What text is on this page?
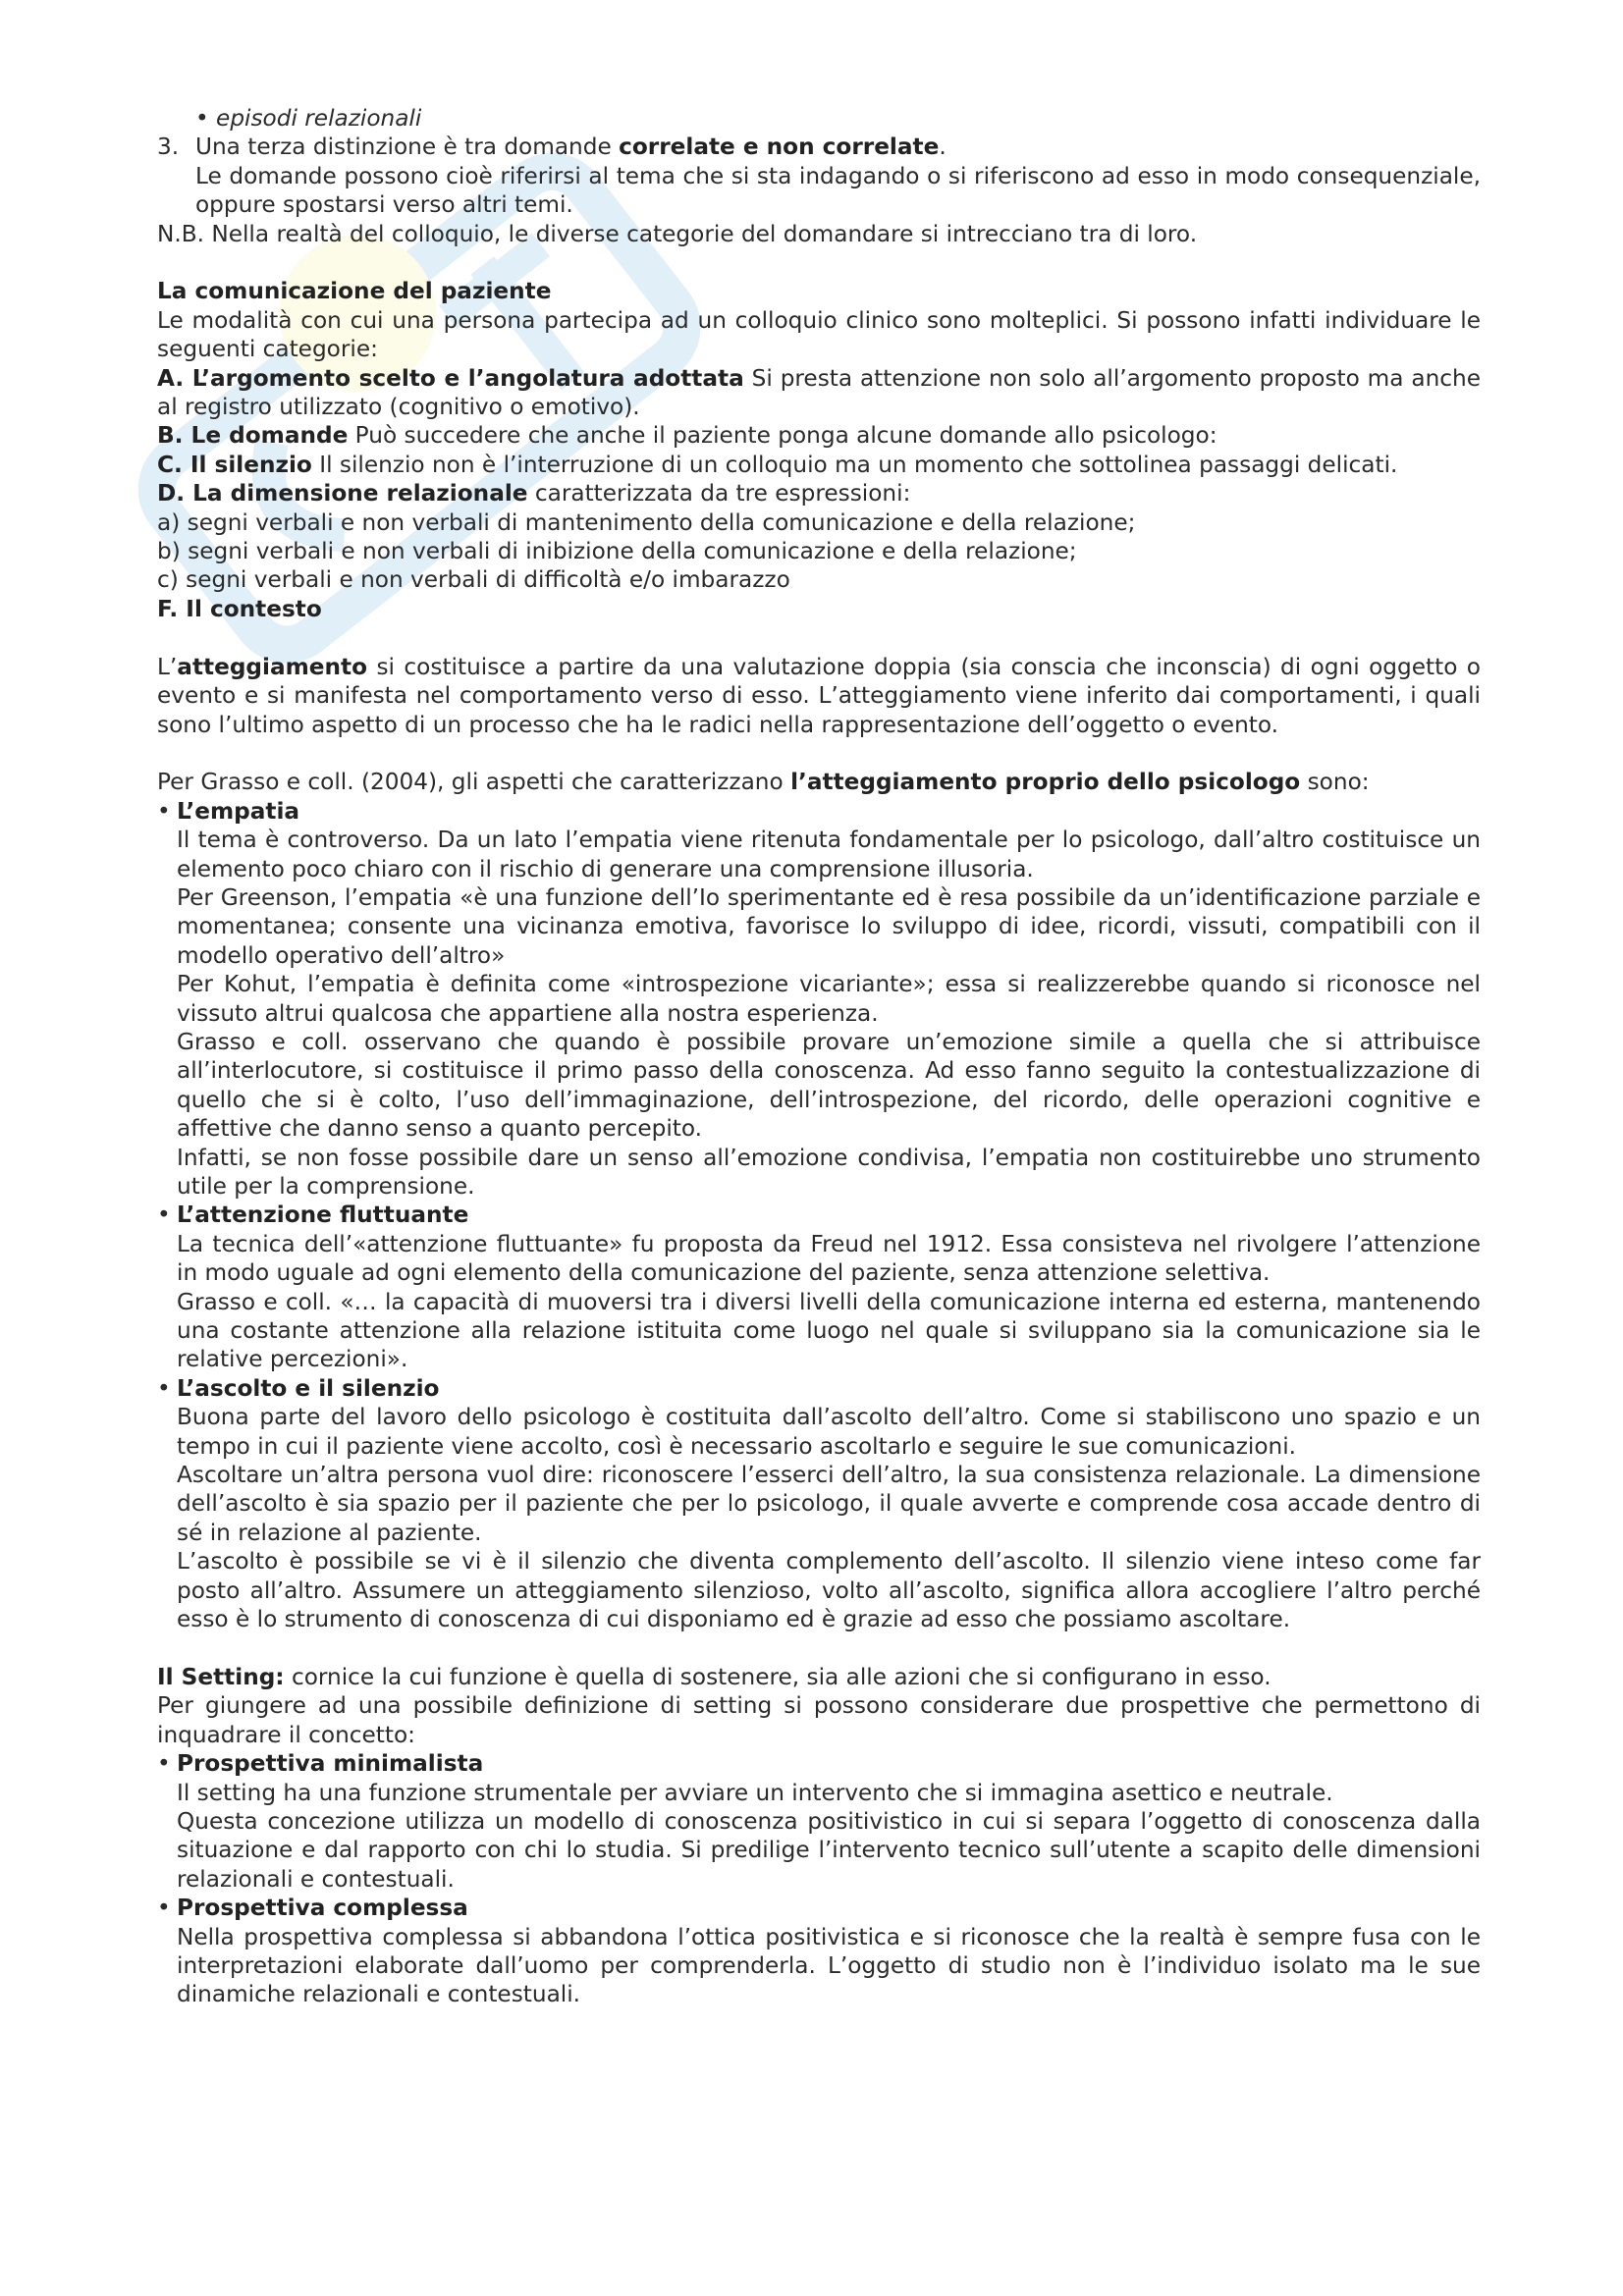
• episodi relazionali

3. Una terza distinzione è tra domande correlate e non correlate.

Le domande possono cioè riferirsi al tema che si sta indagando o si riferiscono ad esso in modo consequenziale, oppure spostarsi verso altri temi.

N.B. Nella realtà del colloquio, le diverse categorie del domandare si intrecciano tra di loro.

La comunicazione del paziente

Le modalità con cui una persona partecipa ad un colloquio clinico sono molteplici. Si possono infatti individuare le seguenti categorie:

A. L’argomento scelto e l’angolatura adottata Si presta attenzione non solo all’argomento proposto ma anche al registro utilizzato (cognitivo o emotivo).

B. Le domande Può succedere che anche il paziente ponga alcune domande allo psicologo:

C. Il silenzio Il silenzio non è l’interruzione di un colloquio ma un momento che sottolinea passaggi delicati.

D. La dimensione relazionale caratterizzata da tre espressioni:

a) segni verbali e non verbali di mantenimento della comunicazione e della relazione;

b) segni verbali e non verbali di inibizione della comunicazione e della relazione;

c) segni verbali e non verbali di difficoltà e/o imbarazzo

F. Il contesto

L’atteggiamento si costituisce a partire da una valutazione doppia (sia conscia che inconscia) di ogni oggetto o evento e si manifesta nel comportamento verso di esso. L’atteggiamento viene inferito dai comportamenti, i quali sono l’ultimo aspetto di un processo che ha le radici nella rappresentazione dell’oggetto o evento.

Per Grasso e coll. (2004), gli aspetti che caratterizzano l’atteggiamento proprio dello psicologo sono:

• L’empatia

Il tema è controverso. Da un lato l’empatia viene ritenuta fondamentale per lo psicologo, dall’altro costituisce un elemento poco chiaro con il rischio di generare una comprensione illusoria.

Per Greenson, l’empatia «è una funzione dell’Io sperimentante ed è resa possibile da un’identificazione parziale e momentanea; consente una vicinanza emotiva, favorisce lo sviluppo di idee, ricordi, vissuti, compatibili con il modello operativo dell’altro»

Per Kohut, l’empatia è definita come «introspezione vicariante»; essa si realizzerebbe quando si riconosce nel vissuto altrui qualcosa che appartiene alla nostra esperienza.

Grasso e coll. osservano che quando è possibile provare un’emozione simile a quella che si attribuisce all’interlocutore, si costituisce il primo passo della conoscenza. Ad esso fanno seguito la contestualizzazione di quello che si è colto, l’uso dell’immaginazione, dell’introspezione, del ricordo, delle operazioni cognitive e affettive che danno senso a quanto percepito.

Infatti, se non fosse possibile dare un senso all’emozione condivisa, l’empatia non costituirebbe uno strumento utile per la comprensione.

• L’attenzione fluttuante

La tecnica dell’«attenzione fluttuante» fu proposta da Freud nel 1912. Essa consisteva nel rivolgere l’attenzione in modo uguale ad ogni elemento della comunicazione del paziente, senza attenzione selettiva.

Grasso e coll. «… la capacità di muoversi tra i diversi livelli della comunicazione interna ed esterna, mantenendo una costante attenzione alla relazione istituita come luogo nel quale si sviluppano sia la comunicazione sia le relative percezioni».

• L’ascolto e il silenzio

Buona parte del lavoro dello psicologo è costituita dall’ascolto dell’altro. Come si stabiliscono uno spazio e un tempo in cui il paziente viene accolto, così è necessario ascoltarlo e seguire le sue comunicazioni.

Ascoltare un’altra persona vuol dire: riconoscere l’esserci dell’altro, la sua consistenza relazionale. La dimensione dell’ascolto è sia spazio per il paziente che per lo psicologo, il quale avverte e comprende cosa accade dentro di sé in relazione al paziente.

L’ascolto è possibile se vi è il silenzio che diventa complemento dell’ascolto. Il silenzio viene inteso come far posto all’altro. Assumere un atteggiamento silenzioso, volto all’ascolto, significa allora accogliere l’altro perché esso è lo strumento di conoscenza di cui disponiamo ed è grazie ad esso che possiamo ascoltare.

Il Setting: cornice la cui funzione è quella di sostenere, sia alle azioni che si configurano in esso.

Per giungere ad una possibile definizione di setting si possono considerare due prospettive che permettono di inquadrare il concetto:

• Prospettiva minimalista

Il setting ha una funzione strumentale per avviare un intervento che si immagina asettico e neutrale.

Questa concezione utilizza un modello di conoscenza positivistico in cui si separa l’oggetto di conoscenza dalla situazione e dal rapporto con chi lo studia. Si predilige l’intervento tecnico sull’utente a scapito delle dimensioni relazionali e contestuali.

• Prospettiva complessa

Nella prospettiva complessa si abbandona l’ottica positivistica e si riconosce che la realtà è sempre fusa con le interpretazioni elaborate dall’uomo per comprenderla. L’oggetto di studio non è l’individuo isolato ma le sue dinamiche relazionali e contestuali.
